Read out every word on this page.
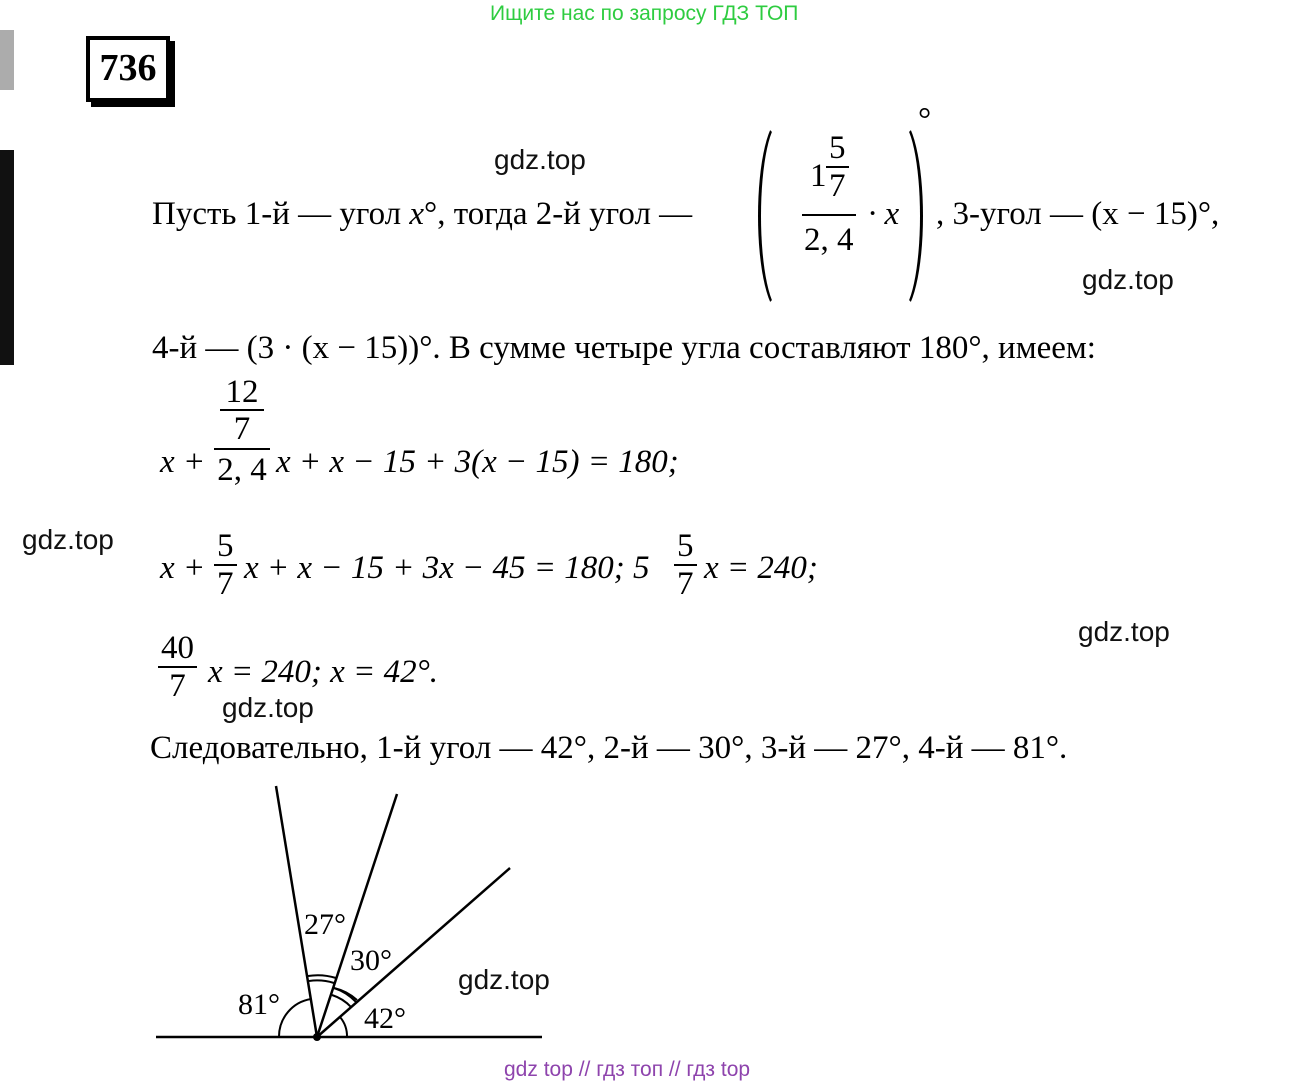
Ищите нас по запросу ГДЗ ТОП
736
gdz.top
gdz.top
gdz.top
gdz.top
gdz.top
gdz.top
Пусть 1-й — угол x°, тогда 2-й угол —
$1 \frac{5}{7}$
2, 4
· x
°
, 3-угол — (x − 15)°,
4-й — (3 · (x − 15))°. В сумме четыре угла составляют 180°, имеем:
x +
12
7
2, 4 x + x − 15 + 3(x − 15) = 180;
$x + \frac{5}{7}$ x + x − 15 + 3x − 45 = 180; $5 \frac{5}{7}$ x = 240;
$\frac{40}{7}$ x = 240; x = 42°.
Следовательно, 1-й угол — 42°, 2-й — 30°, 3-й — 27°, 4-й — 81°.
81°
27°
30°
42°
gdz top // гдз топ // гдз top
